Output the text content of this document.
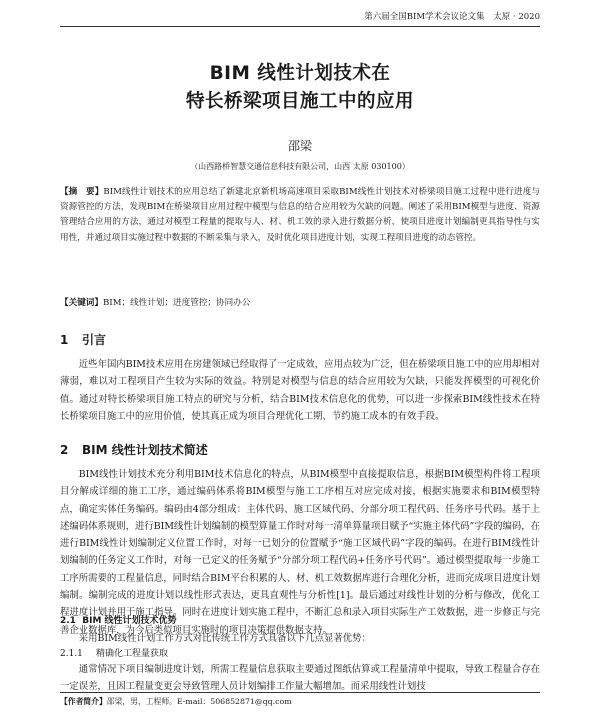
第六届全国BIM学术会议论文集 太原 · 2020
BIM 线性计划技术在
特长桥梁项目施工中的应用
邵梁
（山西路桥智慧交通信息科技有限公司，山西 太原 030100）
【摘　要】BIM线性计划技术的应用总结了新建北京新机场高速项目采取BIM线性计划技术对桥梁项目施工过程中进行进度与资源管控的方法，发现BIM在桥梁项目应用过程中模型与信息的结合应用较为欠缺的问题。阐述了采用BIM模型与进度、资源管理结合应用的方法，通过对模型工程量的提取与人、材、机工效的录入进行数据分析，使项目进度计划编制更具指导性与实用性，并通过项目实施过程中数据的不断采集与录入，及时优化项目进度计划，实现工程项目进度的动态管控。
【关键词】BIM；线性计划；进度管控；协同办公
1 引言
近些年国内BIM技术应用在房建领域已经取得了一定成效，应用点较为广泛，但在桥梁项目施工中的应用却相对薄弱，难以对工程项目产生较为实际的效益。特别是对模型与信息的结合应用较为欠缺，只能发挥模型的可视化价值。通过对特长桥梁项目施工特点的研究与分析，结合BIM技术信息化的优势，可以进一步探索BIM线性技术在特长桥梁项目施工中的应用价值，使其真正成为项目合理优化工期、节约施工成本的有效手段。
2 BIM 线性计划技术简述
BIM线性计划技术充分利用BIM技术信息化的特点，从BIM模型中直接提取信息，根据BIM模型构件将工程项目分解成详细的施工工序，通过编码体系将BIM模型与施工工序相互对应完成对接，根据实施要求和BIM模型特点，确定实体任务编码。编码由4部分组成：主体代码、施工区域代码、分部分项工程代码、任务序号代码。基于上述编码体系规则，进行BIM线性计划编制的模型算量工作时对每一清单算量项目赋予“实施主体代码”字段的编码，在进行BIM线性计划编制定义位置工作时，对每一已划分的位置赋予“施工区域代码”字段的编码。在进行BIM线性计划编制的任务定义工作时，对每一已定义的任务赋予“分部分项工程代码+任务序号代码”。通过模型提取每一步施工工序所需要的工程量信息，同时结合BIM平台积累的人、材、机工效数据库进行合理化分析，进而完成项目进度计划编制。编制完成的进度计划以线性形式表达，更具直观性与分析性[1]。最后通过对线性计划的分析与修改，优化工程进度计划并用于施工指导。同时在进度计划实施工程中，不断汇总和录入项目实际生产工效数据，进一步修正与完善企业数据库，为今后类似项目实施时的项目决策提供数据支持。
2.1 BIM 线性计划技术优势
采用BIM线性计划工作方式对比传统工作方式具备以下几点显著优势：
2.1.1 精确化工程量获取
通常情况下项目编制进度计划，所需工程量信息获取主要通过图纸估算或工程量清单中提取，导致工程量合存在一定误差，且因工程量变更会导致管理人员计划编排工作量大幅增加。而采用线性计划技
【作者简介】邵梁，男，工程师。E-mail：506852871@qq.com
